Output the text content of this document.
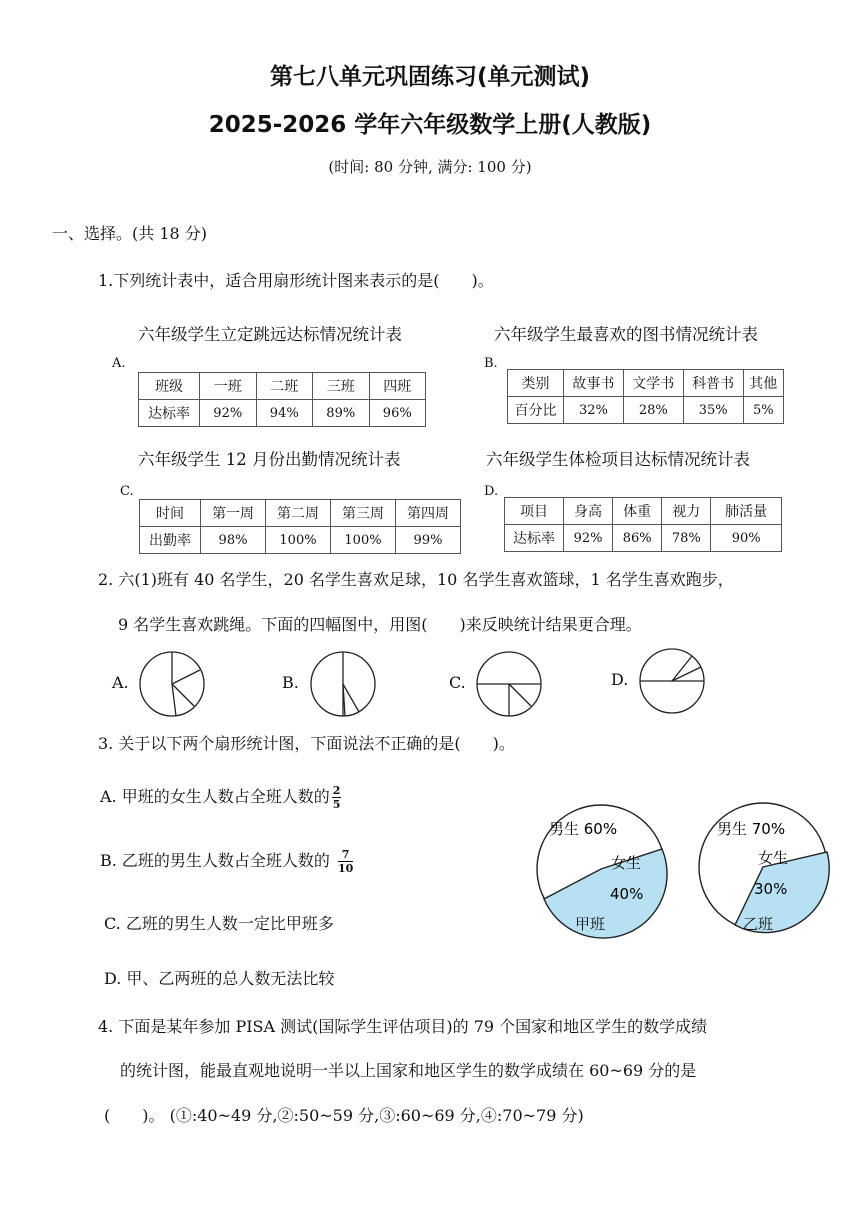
第七八单元巩固练习(单元测试)
2025-2026 学年六年级数学上册(人教版)
(时间: 80 分钟, 满分: 100 分)
一、选择。(共 18 分)
1.下列统计表中，适合用扇形统计图来表示的是(　　)。
六年级学生立定跳远达标情况统计表	六年级学生最喜欢的图书情况统计表
A.	B.
班级	一班	二班	三班	四班
达标率	92%	94%	89%	96%
类别	故事书	文学书	科普书	其他
百分比	32%	28%	35%	5%
六年级学生 12 月份出勤情况统计表	六年级学生体检项目达标情况统计表
C.	D.
时间	第一周	第二周	第三周	第四周
出勤率	98%	100%	100%	99%
项目	身高	体重	视力	肺活量
达标率	92%	86%	78%	90%
2. 六(1)班有 40 名学生，20 名学生喜欢足球，10 名学生喜欢篮球，1 名学生喜欢跑步，
9 名学生喜欢跳绳。下面的四幅图中，用图(　　)来反映统计结果更合理。
A.	B.	C.	D.
3. 关于以下两个扇形统计图，下面说法不正确的是(　　)。
A. 甲班的女生人数占全班人数的 $\frac{2}{5}$
B. 乙班的男生人数占全班人数的 $\frac{7}{10}$
C. 乙班的男生人数一定比甲班多
D. 甲、乙两班的总人数无法比较
男生 60%
女生
40%
甲班
男生 70%
女生
30%
乙班
4. 下面是某年参加 PISA 测试(国际学生评估项目)的 79 个国家和地区学生的数学成绩
的统计图，能最直观地说明一半以上国家和地区学生的数学成绩在 60~69 分的是
(　　)。 (①:40~49 分,②:50~59 分,③:60~69 分,④:70~79 分)
